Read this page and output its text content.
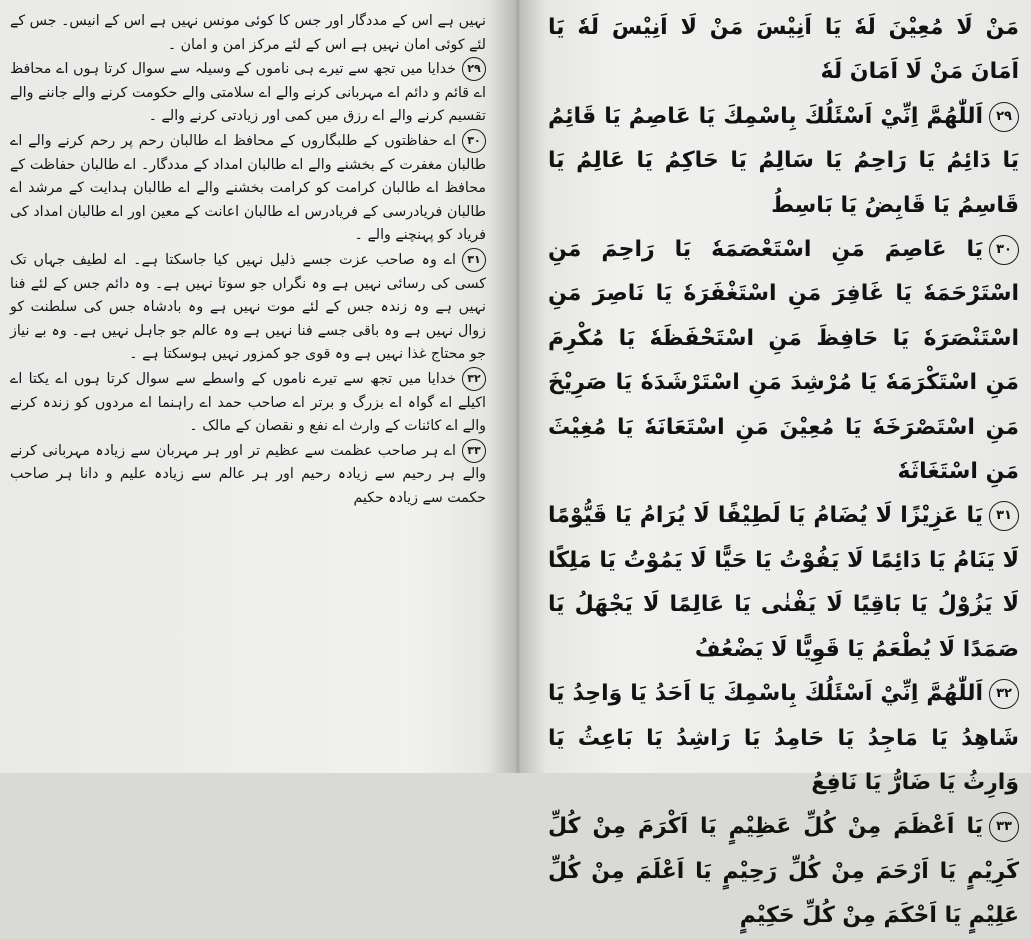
نہیں ہے اس کے مددگار اور جس کا کوئی مونس نہیں ہے اس کے انیس۔ جس کے لئے کوئی امان نہیں ہے اس کے لئے مرکز امن و امان ۔

۲۹خدایا میں تجھ سے تیرے ہی ناموں کے وسیلہ سے سوال کرتا ہوں اے محافظ اے قائم و دائم اے مہربانی کرنے والے اے سلامتی والے حکومت کرنے والے جاننے والے تقسیم کرنے والے اے رزق میں کمی اور زیادتی کرنے والے ۔

۳۰اے حفاظتوں کے طلبگاروں کے محافظ اے طالبان رحم پر رحم کرنے والے اے طالبان مغفرت کے بخشنے والے اے طالبان امداد کے مددگار۔ اے طالبان حفاظت کے محافظ اے طالبان کرامت کو کرامت بخشنے والے اے طالبان ہدایت کے مرشد اے طالبان فریادرسی کے فریادرس اے طالبان اعانت کے معین اور اے طالبان امداد کی فریاد کو پہنچنے والے ۔

۳۱اے وہ صاحب عزت جسے ذلیل نہیں کیا جاسکتا ہے۔ اے لطیف جہاں تک کسی کی رسائی نہیں ہے وہ نگراں جو سوتا نہیں ہے۔ وہ دائم جس کے لئے فنا نہیں ہے وہ زندہ جس کے لئے موت نہیں ہے وہ بادشاہ جس کی سلطنت کو زوال نہیں ہے وہ باقی جسے فنا نہیں ہے وہ عالم جو جاہل نہیں ہے۔ وہ بے نیاز جو محتاج غذا نہیں ہے وہ قوی جو کمزور نہیں ہوسکتا ہے ۔

۳۲خدایا میں تجھ سے تیرے ناموں کے واسطے سے سوال کرتا ہوں اے یکتا اے اکیلے اے گواہ اے بزرگ و برتر اے صاحب حمد اے راہنما اے مردوں کو زندہ کرنے والے اے کائنات کے وارث اے نفع و نقصان کے مالک ۔

۳۳اے ہر صاحب عظمت سے عظیم تر اور ہر مہربان سے زیادہ مہربانی کرنے والے ہر رحیم سے زیادہ رحیم اور ہر عالم سے زیادہ علیم و دانا ہر صاحب حکمت سے زیادہ حکیم

مَنْ لَا مُعِيْنَ لَهٗ يَا اَنِيْسَ مَنْ لَا اَنِيْسَ لَهٗ يَا اَمَانَ مَنْ لَا اَمَانَ لَهٗ

۲۹اَللّٰهُمَّ اِنِّيْ اَسْئَلُكَ بِاسْمِكَ يَا عَاصِمُ يَا قَائِمُ يَا دَائِمُ يَا رَاحِمُ يَا سَالِمُ يَا حَاكِمُ يَا عَالِمُ يَا قَاسِمُ يَا قَابِضُ يَا بَاسِطُ

۳۰يَا عَاصِمَ مَنِ اسْتَعْصَمَهٗ يَا رَاحِمَ مَنِ اسْتَرْحَمَهٗ يَا غَافِرَ مَنِ اسْتَغْفَرَهٗ يَا نَاصِرَ مَنِ اسْتَنْصَرَهٗ يَا حَافِظَ مَنِ اسْتَحْفَظَهٗ يَا مُكْرِمَ مَنِ اسْتَكْرَمَهٗ يَا مُرْشِدَ مَنِ اسْتَرْشَدَهٗ يَا صَرِيْخَ مَنِ اسْتَصْرَخَهٗ يَا مُعِيْنَ مَنِ اسْتَعَانَهٗ يَا مُغِيْثَ مَنِ اسْتَغَاثَهٗ

۳۱يَا عَزِيْزًا لَا يُضَامُ يَا لَطِيْفًا لَا يُرَامُ يَا قَيُّوْمًا لَا يَنَامُ يَا دَائِمًا لَا يَفُوْتُ يَا حَيًّا لَا يَمُوْتُ يَا مَلِكًا لَا يَزُوْلُ يَا بَاقِيًا لَا يَفْنٰى يَا عَالِمًا لَا يَجْهَلُ يَا صَمَدًا لَا يُطْعَمُ يَا قَوِيًّا لَا يَضْعُفُ

۳۲اَللّٰهُمَّ اِنِّيْ اَسْئَلُكَ بِاسْمِكَ يَا اَحَدُ يَا وَاحِدُ يَا شَاهِدُ يَا مَاجِدُ يَا حَامِدُ يَا رَاشِدُ يَا بَاعِثُ يَا وَارِثُ يَا ضَارُّ يَا نَافِعُ

۳۳يَا اَعْظَمَ مِنْ كُلِّ عَظِيْمٍ يَا اَكْرَمَ مِنْ كُلِّ كَرِيْمٍ يَا اَرْحَمَ مِنْ كُلِّ رَحِيْمٍ يَا اَعْلَمَ مِنْ كُلِّ عَلِيْمٍ يَا اَحْكَمَ مِنْ كُلِّ حَكِيْمٍ
